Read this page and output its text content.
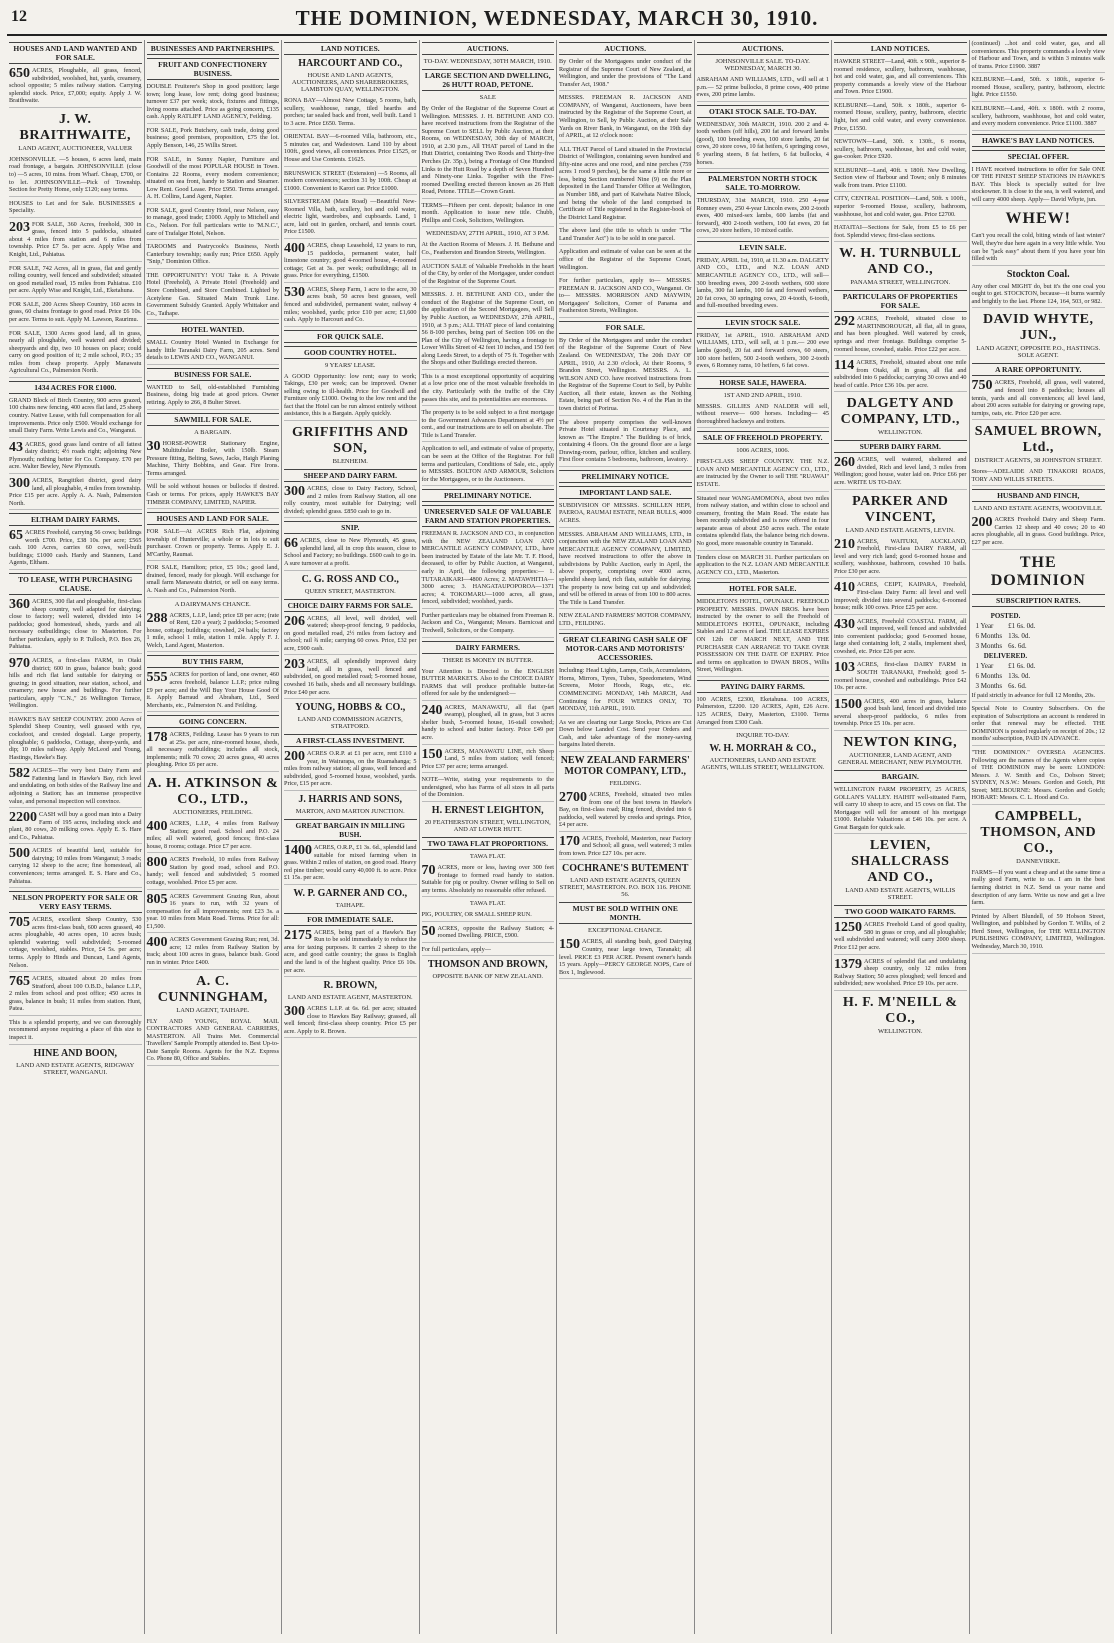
12	THE DOMINION, WEDNESDAY, MARCH 30, 1910.
HOUSES AND LAND WANTED AND FOR SALE.
650 ACRES, Ploughable, all grass, fenced, subdivided, woolshed, hut, yards, creamery, school opposite; 5 miles railway station. Carrying splendid stock. Price, £7,000; equity. Apply J. W. Braithwaite.
J. W. BRAITHWAITE,
LAND AGENT, AUCTIONEER, VALUER
JOHNSONVILLE. —5 houses, 6 acres land, main road frontage, a bargain. JOHNSONVILLE (close to) —5 acres, 10 mins. from Wharf. Cheap, £700, or to let. JOHNSONVILLE—Pick of Township. Section for Pretty Home, only £120; easy terms.
HOUSES to Let and for Sale. BUSINESSES a Speciality.
203 FOR SALE, 360 Acres, freehold, 300 in grass, fenced into 5 paddocks, situated about 4 miles from station and 6 miles from township. Price £7 5s. per acre. Apply Wise and Knight, Ltd., Pahiatua.
FOR SALE, 742 Acres, all in grass, flat and gently rolling country, well fenced and subdivided; situated on good metalled road, 15 miles from Pahiatua. £10 per acre. Apply Wise and Knight, Ltd., Eketahuna.
FOR SALE, 200 Acres Sheep Country, 160 acres in grass, 60 chains frontage to good road. Price £6 10s. per acre. Terms to suit. Apply M. Lawson, Raurimu.
FOR SALE, 1300 Acres good land, all in grass, nearly all ploughable, well watered and divided; sheepyards and dip, two 10 houses on place; could carry on good position of it; 2 mile school, P.O.; 35 miles from cheap property. Apply Manawatu Agricultural Co., Palmerston North.
1434 ACRES FOR £1000.
GRAND Block of Birch Country, 900 acres grazed, 100 chains new fencing, 400 acres flat land, 25 sheep country. Native Lease, with full compensation for all improvements. Price only £500. Would exchange for small Dairy Farm. Write Lewis and Co., Wanganui.
43 ACRES, good grass land centre of all fattest dairy district; 4½ roads right; adjoining New Plymouth; nothing better for Co. Company. £70 per acre. Walter Bewley, New Plymouth.
300 ACRES, Rangitikei district, good dairy land, all ploughable, 4 miles from township. Price £15 per acre. Apply A. A. Nash, Palmerston North.
ELTHAM DAIRY FARMS.
65 ACRES Freehold, carrying 56 cows; buildings worth £700. Price, £38 10s. per acre; £565 cash. 100 Acres, carries 60 cows, well-built buildings; £1000 cash. Hardy and Stanners, Land Agents, Eltham.
TO LEASE, WITH PURCHASING CLAUSE.
360 ACRES, 300 flat and ploughable, first-class sheep country, well adapted for dairying; close to factory; well watered, divided into 14 paddocks; good homestead, sheds, yards and all necessary outbuildings; close to Masterton. For further particulars, apply to P. Tulloch, P.O. Box 26, Pahiatua.
970 ACRES, a first-class FARM, in Otaki district; 600 in grass, balance bush; good hills and rich flat land suitable for dairying or grazing; in good situation, near station, school, and creamery; new house and buildings. For further particulars, apply "C.N.," 26 Wellington Terrace, Wellington.
HAWKE'S BAY SHEEP COUNTRY. 2000 Acres of Splendid Sheep Country, well grassed with rye, cocksfoot, and crested dogstail. Large property, ploughable; 6 paddocks, Cottage, sheep-yards, and dip; 10 miles railway. Apply McLeod and Young, Hastings, Hawke's Bay.
582 ACRES—The very best Dairy Farm and Fattening land in Hawke's Bay, rich level and undulating, on both sides of the Railway line and adjoining a Station; has an immense prospective value, and personal inspection will convince.
2200 CASH will buy a good man into a Dairy Farm of 195 acres, including stock and plant, 80 cows, 20 milking cows. Apply E. S. Hare and Co., Pahiatua.
500 ACRES of beautiful land, suitable for dairying; 10 miles from Wanganui; 3 roads; carrying 12 sheep to the acre; fine homestead, all conveniences; terms arranged. E. S. Hare and Co., Pahiatua.
NELSON PROPERTY FOR SALE OR VERY EASY TERMS.
705 ACRES, excellent Sheep Country, 530 acres first-class bush, 600 acres grassed, 40 acres ploughable, 40 acres open, 10 acres bush; splendid watering; well subdivided; 5-roomed cottage, woolshed, stables. Price, £4 5s. per acre; terms. Apply to Hinds and Duncan, Land Agents, Nelson.
765 ACRES, situated about 20 miles from Stratford, about 100 O.B.D., balance L.I.P., 2 miles from school and post office; 450 acres in grass, balance in bush; 11 miles from station. Hunt, Patea.
This is a splendid property, and we can thoroughly recommend anyone requiring a place of this size to inspect it.
HINE AND BOON,
LAND AND ESTATE AGENTS, RIDGWAY STREET, WANGANUI.
BUSINESSES AND PARTNERSHIPS.
FRUIT AND CONFECTIONERY BUSINESS.
DOUBLE Fruiterer's Shop in good position; large town; long lease, low rent; doing good business; turnover £37 per week; stock, fixtures and fittings, living rooms attached. Price as going concern, £135 cash. Apply RATLIFF LAND AGENCY, Feilding.
FOR SALE, Pork Butchery, cash trade, doing good business; good premises, proposition, £75 the lot. Apply Benson, 146, 25 Willis Street.
FOR SALE, in Sunny Napier, Furniture and Goodwill of the most POPULAR HOUSE in Town. Contains 22 Rooms, every modern convenience; situated on sea front, handy to Station and Steamer. Low Rent. Good Lease. Price £950. Terms arranged. A. H. Collins, Land Agent, Napier.
FOR SALE, good Country Hotel, near Nelson, easy to manage, good trade; £1000. Apply to Mitchell and Co., Nelson. For full particulars write to 'M.N.C.', care of Trafalgar Hotel, Nelson.
TAROOMS and Pastrycook's Business, North Canterbury township; easily run; Price £650. Apply "Snip," Dominion Office.
THE OPPORTUNITY! YOU Take it. A Private Hotel (Freehold), A Private Hotel (Freehold) and Store Combined, and Store Combined. Lighted by Acetylene Gas. Situated Main Trunk Line. Government Subsidy Granted. Apply Whittaker and Co., Taihape.
HOTEL WANTED.
SMALL Country Hotel Wanted in Exchange for handy little Taranaki Dairy Farm, 205 acres. Send details to LEWIS AND CO., WANGANUI.
BUSINESS FOR SALE.
WANTED to Sell, old-established Furnishing Business, doing big trade at good prices. Owner retiring. Apply to 266, 8 Bulter Street.
SAWMILL FOR SALE.
A BARGAIN.
30 HORSE-POWER Stationary Engine, Multitubular Boiler, with 150lb. Steam Pressure fitting, Belting, Saws, Jacks, Haigh Planing Machine, Thirty Bobbins, and Gear. Fire Irons. Terms arranged.
Will be sold without houses or bullocks if desired. Cash or terms. For prices, apply HAWKE'S BAY TIMBER COMPANY, LIMITED, NAPIER.
HOUSES AND LAND FOR SALE.
FOR SALE—At ACRES Rich Flat, adjoining township of Hunterville; a whole or in lots to suit purchaser. Crown or property. Terms. Apply E. J. M'Carthy, Raumai.
FOR SALE, Hamilton; price, £5 10s.; good land, drained, fenced, ready for plough. Will exchange for small farm Manawatu district, or sell on easy terms. A. Nash and Co., Palmerston North.
A DAIRYMAN'S CHANCE.
288 ACRES, L.I.P., land; price £8 per acre; (rate of Rent, £20 a year); 2 paddocks; 5-roomed house, cottage; buildings; cowshed, 24 bails; factory 1 mile, school 1 mile, station 1 mile. Apply F. J. Welch, Land Agent, Masterton.
BUY THIS FARM,
555 ACRES for portion of land, one owner, 460 acres freehold, balance L.I.P.; price ruling £9 per acre; and the Will Buy Your House Good Of it. Apply Barraud and Abraham, Ltd., Seed Merchants, etc., Palmerston N. and Feilding.
GOING CONCERN.
178 ACRES, Feilding. Lease has 9 years to run at 25s. per acre, nine-roomed house, sheds, all necessary outbuildings; includes all stock, implements; milk 70 cows; 20 acres grass, 40 acres ploughing. Price £6 per acre.
A. H. ATKINSON & CO., LTD.,
AUCTIONEERS, FEILDING.
400 ACRES, L.I.P., 4 miles from Railway Station; good road. School and P.O. 24 miles; all well watered, good fences; first-class house, 8 rooms; cottage. Price £7 per acre.
800 ACRES Freehold, 10 miles from Railway Station by good road, school and P.O. handy; well fenced and subdivided; 5 roomed cottage, woolshed. Price £5 per acre.
805 ACRES Government Grazing Run, about 16 years to run, with 32 years of compensation for all improvements; rent £23 3s. a year. 10 miles from Main Road. Terms. Price for all: £1,500.
400 ACRES Government Grazing Run; rent, 3d. acre; 12 miles from Railway Station by track; about 100 acres in grass, balance bush. Good run in winter. Price £400.
A. C. CUNNINGHAM,
LAND AGENT, TAIHAPE.
FLY AND YOUNG, ROYAL MAIL CONTRACTORS AND GENERAL CARRIERS, MASTERTON. All Trains Met. Commercial Travellers' Sample Promptly attended to. Best Up-to-Date Sample Rooms. Agents for the N.Z. Express Co. Phone 80, Office and Stables.
LAND NOTICES.
HARCOURT AND CO.,
HOUSE AND LAND AGENTS, AUCTIONEERS, AND SHAREBROKERS, LAMBTON QUAY, WELLINGTON.
RONA BAY—Almost New Cottage, 5 rooms, bath, scullery, washhouse, range, tiled hearths and porches; tar sealed back and front, well built. Land 1 to 3 acre. Price £650. Terms.
ORIENTAL BAY—6-roomed Villa, bathroom, etc., 5 minutes car, and Wadestown. Land 110 by about 100ft., good views, all conveniences. Price £1525, or House and Use Contents. £1625.
BRUNSWICK STREET (Extension) —5 Rooms, all modern conveniences; section 31 by 100ft. Cheap at £1000. Convenient to Karori car. Price £1000.
SILVERSTREAM (Main Road) —Beautiful New-Roomed Villa, bath, scullery, hot and cold water, electric light, wardrobes, and cupboards. Land, 1 acre, laid out in garden, orchard, and tennis court. Price £1500.
400 ACRES, cheap Leasehold, 12 years to run, 15 paddocks, permanent water, half limestone country; good 4-roomed house, 4-roomed cottage; Get at 3s. per week; outbuildings; all in grass. Price for everything, £1500.
530 ACRES, Sheep Farm, 1 acre to the acre, 30 acres bush, 50 acres best grasses, well fenced and subdivided, permanent water, railway 4 miles; woolshed, yards; price £10 per acre; £1,600 cash. Apply to Harcourt and Co.
FOR QUICK SALE.
GOOD COUNTRY HOTEL.
9 YEARS' LEASE.
A GOOD Opportunity: low rent; easy to work; Takings, £30 per week; can be improved. Owner selling owing to ill-health. Price for Goodwill and Furniture only £1000. Owing to the low rent and the fact that the Hotel can be run almost entirely without assistance, this is a Bargain. Apply quickly.
GRIFFITHS AND SON,
BLENHEIM.
SHEEP AND DAIRY FARM.
300 ACRES, close to Dairy Factory, School, and 2 miles from Railway Station, all one rolly country, most suitable for Dairying; well divided; splendid grass. £850 cash to go in.
SNIP.
66 ACRES, close to New Plymouth, 45 grass, splendid land, all in crop this season, close to School and Factory; no buildings. £600 cash to go in. A sure turnover at a profit.
C. G. ROSS AND CO.,
QUEEN STREET, MASTERTON.
CHOICE DAIRY FARMS FOR SALE.
206 ACRES, all level, well divided, well watered; sheep-proof fencing, 9 paddocks, on good metalled road, 2½ miles from factory and school; rail ¾ mile; carrying 60 cows. Price, £32 per acre, £900 cash.
203 ACRES, all splendidly improved dairy land, all in grass, well fenced and subdivided, on good metalled road; 5-roomed house, cowshed 16 bails, sheds and all necessary buildings. Price £40 per acre.
YOUNG, HOBBS & CO.,
LAND AND COMMISSION AGENTS, STRATFORD.
A FIRST-CLASS INVESTMENT.
200 ACRES O.R.P. at £1 per acre, rent £110 a year, in Wairarapa, on the Ruamahanga; 5 miles from railway station; all grass, well fenced and subdivided, good 5-roomed house, woolshed, yards. Price, £15 per acre.
J. HARRIS AND SONS,
MARTON, AND MARTON JUNCTION.
GREAT BARGAIN IN MILLING BUSH.
1400 ACRES, O.R.P., £1 3s. 6d., splendid land suitable for mixed farming when in grass. Within 2 miles of station, on good road. Heavy red pine timber; would carry 40,000 ft. to acre. Price £1 15s. per acre.
W. P. GARNER AND CO.,
TAIHAPE.
FOR IMMEDIATE SALE.
2175 ACRES, being part of a Hawke's Bay Run to be sold immediately to reduce the area for taxing purposes. It carries 2 sheep to the acre, and good cattle country; the grass is English and the land is of the highest quality. Price £6 10s. per acre.
R. BROWN,
LAND AND ESTATE AGENT, MASTERTON.
300 ACRES L.I.P. at 6s. 6d. per acre; situated close to Hawkes Bay Railway; grassed, all well fenced; first-class sheep country. Price £5 per acre. Apply to R. Brown.
AUCTIONS.
TO-DAY. WEDNESDAY, 30TH MARCH, 1910.
LARGE SECTION AND DWELLING, 26 HUTT ROAD, PETONE.
SALE
By Order of the Registrar of the Supreme Court at Wellington. MESSRS. J. H. BETHUNE AND CO. have received instructions from the Registrar of the Supreme Court to SELL by Public Auction, at their Rooms, on WEDNESDAY, 30th day of MARCH, 1910, at 2.30 p.m., All THAT parcel of Land in the Hutt District, containing Two Roods and Thirty-five Perches (2r. 35p.), being a Frontage of One Hundred Links to the Hutt Road by a depth of Seven Hundred and Ninety-one Links. Together with the Five-roomed Dwelling erected thereon known as 26 Hutt Road, Petone. TITLE—Crown Grant.
TERMS—Fifteen per cent. deposit; balance in one month. Application to issue new title. Chubb, Phillips and Cook, Solicitors, Wellington.
WEDNESDAY, 27TH APRIL, 1910, AT 3 P.M.
At the Auction Rooms of Messrs. J. H. Bethune and Co., Featherston and Brandon Streets, Wellington.
AUCTION SALE of Valuable Freeholds in the heart of the City, by order of the Mortgagee, under conduct of the Registrar of the Supreme Court.
MESSRS. J. H. BETHUNE AND CO., under the conduct of the Registrar of the Supreme Court, on the application of the Second Mortgagees, will Sell by Public Auction, as WEDNESDAY, 27th APRIL, 1910, at 3 p.m.; ALL THAT piece of land containing 56 8-100 perches, being part of Section 106 on the Plan of the City of Wellington, having a frontage to Lower Willis Street of 42 feet 10 inches, and 150 feet along Leeds Street, to a depth of 75 ft. Together with the Shops and other Buildings erected thereon.
This is a most exceptional opportunity of acquiring at a low price one of the most valuable freeholds in the city. Particularly with the traffic of the City passes this site, and its potentialities are enormous.
The property is to be sold subject to a first mortgage to the Government Advances Department at 4½ per cent., and our instructions are to sell on absolute. The Title is Land Transfer.
Application to sell, and estimate of value of property, can be seen at the Office of the Registrar. For full terms and particulars, Conditions of Sale, etc., apply to MESSRS. BOLTON AND ARMOUR, Solicitors for the Mortgagees, or to the Auctioneers.
PRELIMINARY NOTICE.
UNRESERVED SALE OF VALUABLE FARM AND STATION PROPERTIES.
FREEMAN R. JACKSON AND CO., in conjunction with the NEW ZEALAND LOAN AND MERCANTILE AGENCY COMPANY, LTD., have been instructed by Estate of the late Mr. T. F. Hood, deceased, to offer by Public Auction, at Wanganui, early in April, the following properties:— 1. TUTARAIKARI—4800 Acres; 2. MATAWHITIA—3000 acres; 3. HANGATAUPOPOROA—1371 acres; 4. TOKOMARU—1000 acres, all grass, fenced, subdivided; woolshed, yards.
Further particulars may be obtained from Freeman R. Jackson and Co., Wanganui; Messrs. Barnicoat and Tredwell, Solicitors, or the Company.
DAIRY FARMERS.
THERE IS MONEY IN BUTTER.
Your Attention is Directed to the ENGLISH BUTTER MARKETS. Also to the CHOICE DAIRY FARMS that will produce profitable butter-fat offered for sale by the undersigned:—
240 ACRES, MANAWATU, all flat (part swamp), ploughed, all in grass, but 3 acres shelter bush, 5-roomed house, 16-stall cowshed; handy to school and butter factory. Price £49 per acre.
150 ACRES, MANAWATU LINE, rich Sheep Land, 5 miles from station; well fenced; Price £37 per acre; terms arranged.
NOTE—Write, stating your requirements to the undersigned, who has Farms of all sizes in all parts of the Dominion.
H. ERNEST LEIGHTON,
20 FEATHERSTON STREET, WELLINGTON, AND AT LOWER HUTT.
TWO TAWA FLAT PROPORTIONS.
TAWA FLAT.
70 ACRES, more or less, having over 300 feet frontage to formed road handy to station. Suitable for pig or poultry. Owner willing to Sell on any terms. Absolutely no reasonable offer refused.
TAWA FLAT.
PIG, POULTRY, OR SMALL SHEEP RUN.
50 ACRES, opposite the Railway Station; 4-roomed Dwelling. PRICE, £900.
For full particulars, apply—
THOMSON AND BROWN,
OPPOSITE BANK OF NEW ZEALAND.
AUCTIONS.
By Order of the Mortgagees under conduct of the Registrar of the Supreme Court of New Zealand, at Wellington, and under the provisions of "The Land Transfer Act, 1908."
MESSRS. FREEMAN R. JACKSON AND COMPANY, of Wanganui, Auctioneers, have been instructed by the Registrar of the Supreme Court, at Wellington, to Sell, by Public Auction, at their Sale Yards on River Bank, in Wanganui, on the 19th day of APRIL, at 12 o'clock noon:
ALL THAT Parcel of Land situated in the Provincial District of Wellington, containing seven hundred and fifty-nine acres and one rood, and nine perches (759 acres 1 rood 9 perches), be the same a little more or less, being Section numbered Nine (9) on the Plan deposited in the Land Transfer Office at Wellington, as Number 188, and part of Kaiwhata Native Block, and being the whole of the land comprised in Certificate of Title registered in the Register-book of the District Land Registrar.
The above land (the title to which is under "The Land Transfer Act") is to be sold in one parcel.
Application and estimate of value can be seen at the office of the Registrar of the Supreme Court, Wellington.
For further particulars, apply to— MESSRS. FREEMAN R. JACKSON AND CO., Wanganui. Or to— MESSRS. MORRISON AND MAYWIN, Mortgagees' Solicitors, Corner of Panama and Featherston Streets, Wellington.
FOR SALE.
By Order of the Mortgagees and under the conduct of the Registrar of the Supreme Court of New Zealand. On WEDNESDAY, The 20th DAY OF APRIL, 1910, At 2.30 o'clock, At their Rooms, 9 Brandon Street, Wellington. MESSRS. A. L. WILSON AND CO. have received instructions from the Registrar of the Supreme Court to Sell, by Public Auction, all their estate, known as the Nothing Estate, being part of Section No. 4 of the Plan in the town district of Porirua.
The above property comprises the well-known Private Hotel situated in Courtenay Place, and known as "The Empire." The Building is of brick, containing 4 floors. On the ground floor are a large Drawing-room, parlour, office, kitchen and scullery. First floor contains 5 bedrooms, bathroom, lavatory.
PRELIMINARY NOTICE.
IMPORTANT LAND SALE.
SUBDIVISION OF MESSRS. SCHILLEN HEPI, PAEROA, RAUMAI ESTATE, NEAR BULLS, 4000 ACRES.
MESSRS. ABRAHAM AND WILLIAMS, LTD., in conjunction with the NEW ZEALAND LOAN AND MERCANTILE AGENCY COMPANY, LIMITED, have received instructions to offer the above in subdivisions by Public Auction, early in April, the above property, comprising over 4000 acres, splendid sheep land, rich flats, suitable for dairying. The property is now being cut up and subdivided; and will be offered in areas of from 100 to 800 acres. The Title is Land Transfer.
NEW ZEALAND FARMERS' MOTOR COMPANY, LTD., FEILDING.
GREAT CLEARING CASH SALE OF MOTOR-CARS AND MOTORISTS' ACCESSORIES.
Including: Head Lights, Lamps, Coils, Accumulators, Horns, Mirrors, Tyres, Tubes, Speedometers, Wind Screens, Motor Hoods, Rugs, etc., etc. COMMENCING MONDAY, 14th MARCH, And Continuing for FOUR WEEKS ONLY, TO MONDAY, 11th APRIL, 1910.
As we are clearing our Large Stocks, Prices are Cut Down below Landed Cost. Send your Orders and Cash, and take advantage of the money-saving bargains listed therein.
NEW ZEALAND FARMERS' MOTOR COMPANY, LTD.,
FEILDING.
2700 ACRES, Freehold, situated two miles from one of the best towns in Hawke's Bay, on first-class road; Ring fenced, divided into 6 paddocks, well watered by creeks and springs. Price, £4 per acre.
170 ACRES, Freehold, Masterton, near Factory and School; all grass, well watered; 3 miles from town. Price £27 10s. per acre.
COCHRANE'S BUTEMENT
LAND AND ESTATE AGENTS, QUEEN STREET, MASTERTON. P.O. BOX 116. PHONE 56.
MUST BE SOLD WITHIN ONE MONTH.
EXCEPTIONAL CHANCE.
150 ACRES, all standing bush, good Dairying Country, near large town, Taranaki; all level. PRICE £3 PER ACRE. Present owner's hands 15 years. Apply—PERCY GEORGE NOPS, Care of Box 1, Inglewood.
AUCTIONS.
JOHNSONVILLE SALE. TO-DAY. WEDNESDAY, MARCH 30.
ABRAHAM AND WILLIAMS, LTD., will sell at 1 p.m.— 52 prime bullocks, 8 prime cows, 400 prime ewes, 200 prime lambs.
OTAKI STOCK SALE. TO-DAY.
WEDNESDAY, 30th MARCH, 1910. 200 2 and 4-tooth wethers (off hills), 200 fat and forward lambs (good), 100 breeding ewes, 100 store lambs, 20 fat cows, 20 store cows, 10 fat heifers, 6 springing cows, 6 yearling steers, 8 fat heifers, 6 fat bullocks, 4 horses.
PALMERSTON NORTH STOCK SALE. TO-MORROW.
THURSDAY, 31st MARCH, 1910. 250 4-year Romney ewes, 250 4-year Lincoln ewes, 200 2-tooth ewes, 400 mixed-sex lambs, 600 lambs (fat and forward), 400 2-tooth wethers, 100 fat ewes, 20 fat cows, 20 store heifers, 10 mixed cattle.
LEVIN SALE.
FRIDAY, APRIL 1st, 1910, at 11.30 a.m. DALGETY AND CO., LTD., and N.Z. LOAN AND MERCANTILE AGENCY CO., LTD., will sell— 300 breeding ewes, 200 2-tooth wethers, 600 store lambs, 300 fat lambs, 100 fat and forward wethers, 20 fat cows, 30 springing cows, 20 4-tooth, 6-tooth, and full-mouthed breeding ewes.
LEVIN STOCK SALE.
FRIDAY, 1st APRIL, 1910. ABRAHAM AND WILLIAMS, LTD., will sell, at 1 p.m.— 200 ewe lambs (good), 20 fat and forward cows, 60 steers, 100 store heifers, 500 2-tooth wethers, 300 2-tooth ewes, 6 Romney rams, 10 heifers, 6 fat cows.
HORSE SALE, HAWERA.
1ST AND 2ND APRIL, 1910.
MESSRS. GILLIES AND NALDER will sell, without reserve— 600 horses. Including— 45 thoroughbred hackneys and trotters.
SALE OF FREEHOLD PROPERTY.
1006 ACRES, 1006.
FIRST-CLASS SHEEP COUNTRY. THE N.Z. LOAN AND MERCANTILE AGENCY CO., LTD., are instructed by the Owner to sell THE "RUAWAI" ESTATE.
Situated near WANGAMOMONA, about two miles from railway station, and within close to school and creamery, fronting the Main Road. The estate has been recently subdivided and is now offered in four separate areas of about 250 acres each. The estate contains splendid flats, the balance being rich downs. No good, more reasonable country in Taranaki.
Tenders close on MARCH 31. Further particulars on application to the N.Z. LOAN AND MERCANTILE AGENCY CO., LTD., Masterton.
HOTEL FOR SALE.
MIDDLETON'S HOTEL, OPUNAKE. FREEHOLD PROPERTY. MESSRS. DWAN BROS. have been instructed by the owner to sell the Freehold of MIDDLETON'S HOTEL, OPUNAKE, including Stables and 12 acres of land. THE LEASE EXPIRES ON 12th OF MARCH NEXT, AND THE PURCHASER CAN ARRANGE TO TAKE OVER POSSESSION ON THE DATE OF EXPIRY. Price and terms on application to DWAN BROS., Willis Street, Wellington.
PAYING DAIRY FARMS.
100 ACRES, £2300, Eketahuna. 100 ACRES, Palmerston, £2200. 120 ACRES, Apiti, £26 Acre. 125 ACRES, Dairy, Masterton, £3100. Terms Arranged from £300 Cash.
INQUIRE TO-DAY.
W. H. MORRAH & CO.,
AUCTIONEERS, LAND AND ESTATE AGENTS, WILLIS STREET, WELLINGTON.
LAND NOTICES.
HAWKER STREET—Land, 40ft. x 90ft., superior 8-roomed residence, scullery, bathroom, washhouse, hot and cold water, gas, and all conveniences. This property commands a lovely view of the Harbour and Town. Price £1900.
KELBURNE—Land, 50ft. x 180ft., superior 6-roomed House, scullery, pantry, bathroom, electric light, hot and cold water, and every convenience. Price, £1550.
NEWTOWN—Land, 30ft. x 130ft., 6 rooms, scullery, bathroom, washhouse, hot and cold water, gas-cooker. Price £920.
KELBURNE—Land, 40ft. x 180ft. New Dwelling, Section view of Harbour and Town; only 8 minutes walk from tram. Price £1100.
CITY, CENTRAL POSITION—Land, 50ft. x 100ft., superior 9-roomed House, scullery, bathroom, washhouse, hot and cold water, gas. Price £2700.
HATAITAI—Sections for Sale, from £5 to £6 per foot. Splendid views; first-class sections.
W. H. TURNBULL AND CO.,
PANAMA STREET, WELLINGTON.
PARTICULARS OF PROPERTIES FOR SALE.
292 ACRES, Freehold, situated close to MARTINBOROUGH, all flat, all in grass, and has been ploughed. Well watered by creek, springs and river frontage. Buildings comprise 5-roomed house, cowshed, stable. Price £22 per acre.
114 ACRES, Freehold, situated about one mile from Otaki, all in grass, all flat and subdivided into 6 paddocks; carrying 30 cows and 40 head of cattle. Price £36 10s. per acre.
DALGETY AND COMPANY, LTD.,
WELLINGTON.
SUPERB DAIRY FARM.
260 ACRES, well watered, sheltered and divided, Rich and level land, 3 miles from Wellington; good house, water laid on. Price £66 per acre. WRITE US TO-DAY.
PARKER AND VINCENT,
LAND AND ESTATE AGENTS, LEVIN.
210 ACRES, WAITUKI, AUCKLAND, Freehold, First-class DAIRY FARM, all level and very rich land; good 6-roomed house and scullery, washhouse, bathroom, cowshed 10 bails. Price £30 per acre.
410 ACRES, CEIPT, KAIPARA, Freehold, First-class Dairy Farm: all level and well improved; divided into several paddocks; 6-roomed house; milk 100 cows. Price £25 per acre.
430 ACRES, Freehold COASTAL FARM, all well improved, well fenced and subdivided into convenient paddocks; good 6-roomed house, large shed containing loft, 2 stalls, implement shed, cowshed, etc. Price £26 per acre.
103 ACRES, first-class DAIRY FARM in SOUTH TARANAKI, Freehold; good 5-roomed house, cowshed and outbuildings. Price £42 10s. per acre.
1500 ACRES, 400 acres in grass, balance good bush land, fenced and divided into several sheep-proof paddocks, 6 miles from township. Price £5 10s. per acre.
NEWTON KING,
AUCTIONEER, LAND AGENT, AND GENERAL MERCHANT, NEW PLYMOUTH.
BARGAIN.
WELLINGTON FARM PROPERTY, 25 ACRES, GOLLAN'S VALLEY. HAIHIT well-situated Farm, will carry 10 sheep to acre, and 15 cows on flat. The Mortgagee will sell for amount of his mortgage £1000. Reliable Valuations at £46 10s. per acre. A Great Bargain for quick sale.
LEVIEN, SHALLCRASS AND CO.,
LAND AND ESTATE AGENTS, WILLIS STREET.
TWO GOOD WAIKATO FARMS.
1250 ACRES Freehold Land of good quality, 580 in grass or crop, and all ploughable; well subdivided and watered; will carry 2000 sheep. Price £12 per acre.
1379 ACRES of splendid flat and undulating sheep country, only 12 miles from Railway Station; 50 acres ploughed; well fenced and subdivided; new woolshed. Price £9 10s. per acre.
H. F. M'NEILL & CO.,
WELLINGTON.
(continued) ...hot and cold water, gas, and all conveniences. This property commands a lovely view of Harbour and Town, and is within 3 minutes walk of trams. Price £1900. 3887
KELBURNE—Land, 50ft. x 180ft., superior 6-roomed House, scullery, pantry, bathroom, electric light. Price £1550.
KELBURNE—Land, 40ft. x 180ft. with 2 rooms, scullery, bathroom, washhouse, hot and cold water, and every modern convenience. Price £1100. 3887
HAWKE'S BAY LAND NOTICES.
SPECIAL OFFER.
I HAVE received instructions to offer for Sale ONE OF THE FINEST SHEEP STATIONS IN HAWKE'S BAY. This block is specially suited for live stockowner. It is close to the sea, is well watered, and will carry 4000 sheep. Apply— David Whyte, jun.
WHEW!
Can't you recall the cold, biting winds of last winter? Well, they're due here again in a very little while. You can be "jack easy" about them if you have your bin filled with
Stockton Coal.
Any other coal MIGHT do, but it's the one coal you ought to get. STOCKTON, because—it burns warmly and brightly to the last. Phone 124, 164, 503, or 982.
DAVID WHYTE, JUN.,
LAND AGENT, OPPOSITE P.O., HASTINGS. SOLE AGENT.
A RARE OPPORTUNITY.
750 ACRES, Freehold, all grass, well watered, and fenced into 8 paddocks; houses all tennis, yards and all conveniences; all level land, about 200 acres suitable for dairying or growing rape, turnips, oats, etc. Price £20 per acre.
SAMUEL BROWN, Ltd.,
DISTRICT AGENTS, 38 JOHNSTON STREET.
Stores—ADELAIDE AND TINAKORI ROADS, TORY AND WILLIS STREETS.
HUSBAND AND FINCH,
LAND AND ESTATE AGENTS, WOODVILLE.
200 ACRES Freehold Dairy and Sheep Farm. Carries 12 sheep and 40 cows; 20 to 40 acres ploughable, all in grass. Good buildings. Price, £27 per acre.
THE DOMINION
SUBSCRIPTION RATES.
POSTED.	
1 Year	£1 6s. 0d.
6 Months	13s. 0d.
3 Months	6s. 6d.
DELIVERED.	
1 Year	£1 6s. 0d.
6 Months	13s. 0d.
3 Months	6s. 6d.
If paid strictly in advance for full 12 Months, 20s.
Special Note to Country Subscribers. On the expiration of Subscriptions an account is rendered in order that renewal may be effected. THE DOMINION is posted regularly on receipt of 20s.; 12 months' subscription, PAID IN ADVANCE.
"THE DOMINION." OVERSEA AGENCIES. Following are the names of the Agents where copies of THE DOMINION may be seen: LONDON: Messrs. J. W. Smith and Co., Dobson Street; SYDNEY, N.S.W.: Messrs. Gordon and Gotch, Pitt Street; MELBOURNE: Messrs. Gordon and Gotch; HOBART: Messrs. C. L. Hood and Co.
CAMPBELL, THOMSON, AND CO.,
DANNEVIRKE.
FARMS—If you want a cheap and at the same time a really good Farm, write to us. I am in the best farming district in N.Z. Send us your name and description of any farm. Write us now and get a live farm.
Printed by Albert Blundell, of 59 Hobson Street, Wellington, and published by Gordon T. Willis, of 2 Herd Street, Wellington, for THE WELLINGTON PUBLISHING COMPANY, LIMITED, Wellington. Wednesday, March 30, 1910.
